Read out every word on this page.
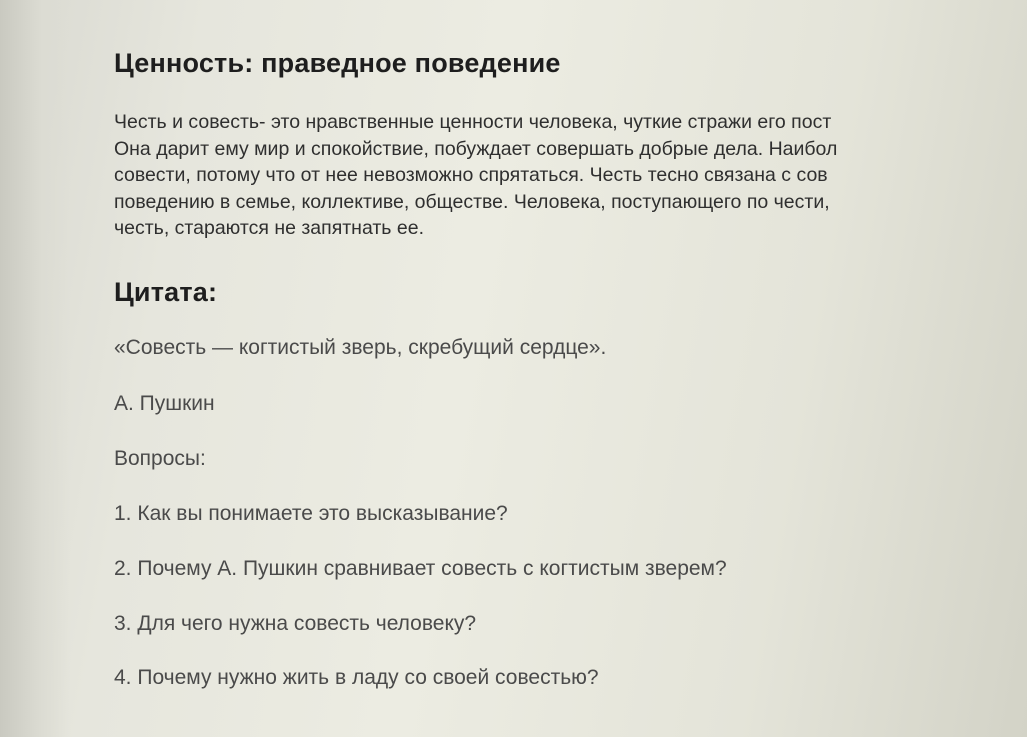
Ценность: праведное поведение
Честь и совесть- это нравственные ценности человека, чуткие стражи его пост
Она дарит ему мир и спокойствие, побуждает совершать добрые дела. Наибол
совести, потому что от нее невозможно спрятаться. Честь тесно связана с сов
поведению в семье, коллективе, обществе. Человека, поступающего по чести,
честь, стараются не запятнать ее.
Цитата:
«Совесть — когтистый зверь, скребущий сердце».
А. Пушкин
Вопросы:
1. Как вы понимаете это высказывание?
2. Почему А. Пушкин сравнивает совесть с когтистым зверем?
3. Для чего нужна совесть человеку?
4. Почему нужно жить в ладу со своей совестью?
